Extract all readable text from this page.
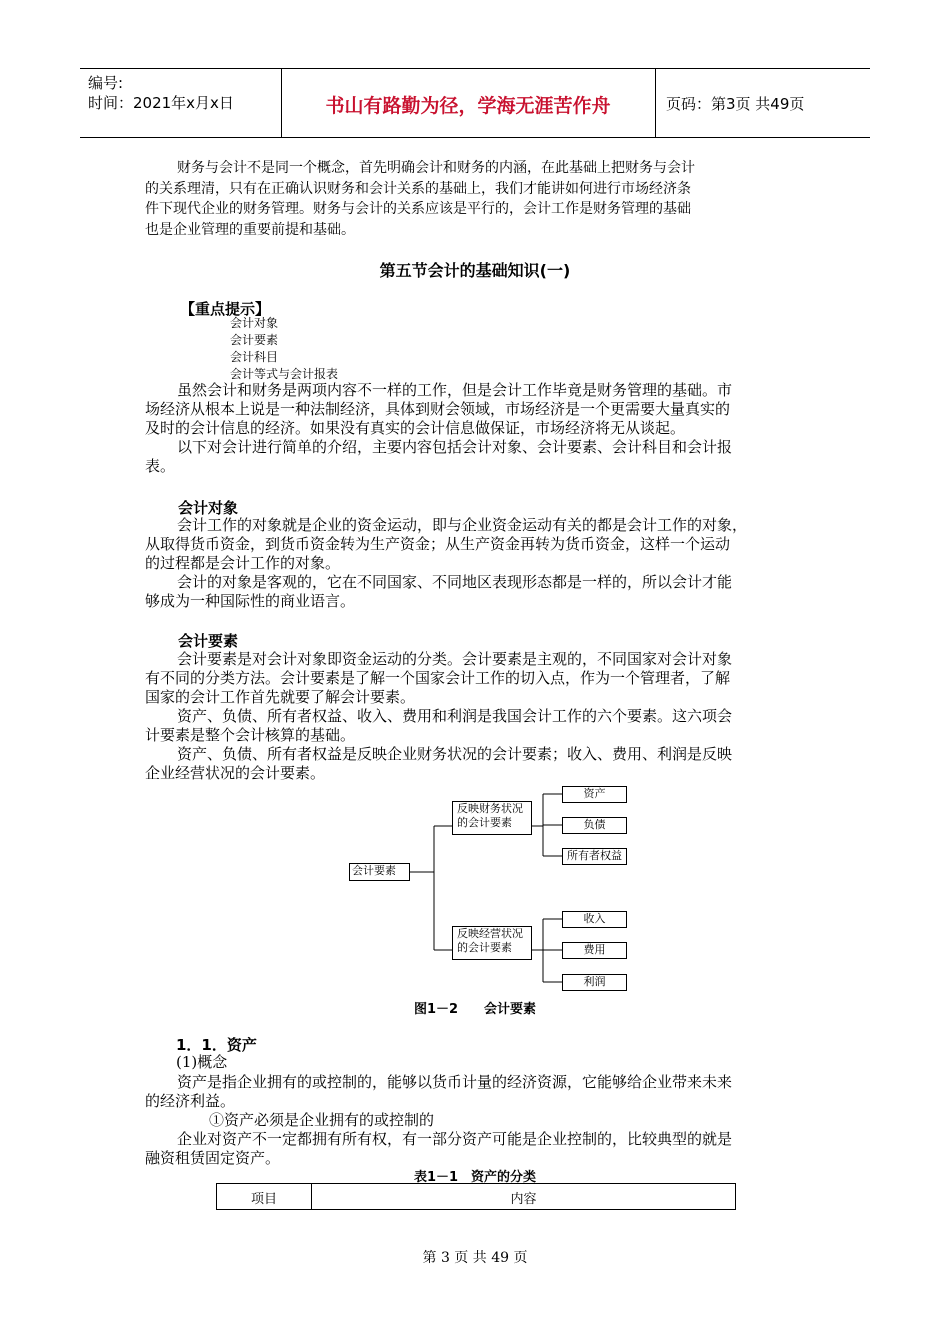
编号:
时间：2021年x月x日	书山有路勤为径，学海无涯苦作舟	页码：第3页 共49页
财务与会计不是同一个概念，首先明确会计和财务的内涵，在此基础上把财务与会计
的关系理清，只有在正确认识财务和会计关系的基础上，我们才能讲如何进行市场经济条
件下现代企业的财务管理。财务与会计的关系应该是平行的，会计工作是财务管理的基础
也是企业管理的重要前提和基础。
第五节会计的基础知识(一)
【重点提示】
会计对象
会计要素
会计科目
会计等式与会计报表
虽然会计和财务是两项内容不一样的工作，但是会计工作毕竟是财务管理的基础。市
场经济从根本上说是一种法制经济，具体到财会领域，市场经济是一个更需要大量真实的
及时的会计信息的经济。如果没有真实的会计信息做保证，市场经济将无从谈起。
以下对会计进行简单的介绍，主要内容包括会计对象、会计要素、会计科目和会计报
表。
会计对象
会计工作的对象就是企业的资金运动，即与企业资金运动有关的都是会计工作的对象，
从取得货币资金，到货币资金转为生产资金；从生产资金再转为货币资金，这样一个运动
的过程都是会计工作的对象。
会计的对象是客观的，它在不同国家、不同地区表现形态都是一样的，所以会计才能
够成为一种国际性的商业语言。
会计要素
会计要素是对会计对象即资金运动的分类。会计要素是主观的，不同国家对会计对象
有不同的分类方法。会计要素是了解一个国家会计工作的切入点，作为一个管理者，了解
国家的会计工作首先就要了解会计要素。
资产、负债、所有者权益、收入、费用和利润是我国会计工作的六个要素。这六项会
计要素是整个会计核算的基础。
资产、负债、所有者权益是反映企业财务状况的会计要素；收入、费用、利润是反映
企业经营状况的会计要素。
会计要素
反映财务状况
的会计要素
资产
负债
所有者权益
反映经营状况
的会计要素
收入
费用
利润
图1－2　　会计要素
1．1．资产
(1)概念
资产是指企业拥有的或控制的，能够以货币计量的经济资源，它能够给企业带来未来
的经济利益。
①资产必须是企业拥有的或控制的
企业对资产不一定都拥有所有权，有一部分资产可能是企业控制的，比较典型的就是
融资租赁固定资产。
表1－1　资产的分类
项目	内容
第 3 页 共 49 页
